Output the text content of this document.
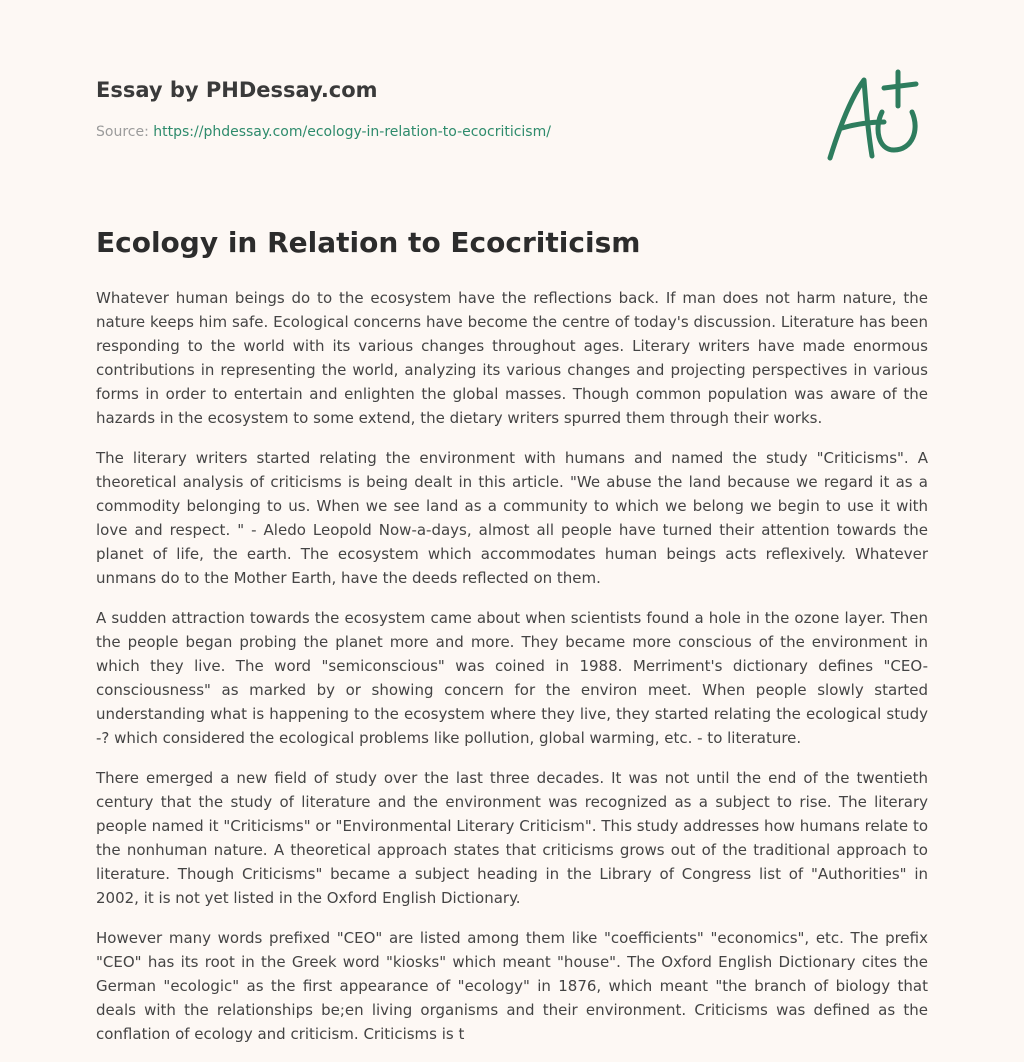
Essay by PHDessay.com

Source: https://phdessay.com/ecology-in-relation-to-ecocriticism/
Ecology in Relation to Ecocriticism

Whatever human beings do to the ecosystem have the reflections back. If man does not harm nature, the nature keeps him safe. Ecological concerns have become the centre of today's discussion. Literature has been responding to the world with its various changes throughout ages. Literary writers have made enormous contributions in representing the world, analyzing its various changes and projecting perspectives in various forms in order to entertain and enlighten the global masses. Though common population was aware of the hazards in the ecosystem to some extend, the dietary writers spurred them through their works.

The literary writers started relating the environment with humans and named the study "Criticisms". A theoretical analysis of criticisms is being dealt in this article. "We abuse the land because we regard it as a commodity belonging to us. When we see land as a community to which we belong we begin to use it with love and respect. " - Aledo Leopold Now-a-days, almost all people have turned their attention towards the planet of life, the earth. The ecosystem which accommodates human beings acts reflexively. Whatever unmans do to the Mother Earth, have the deeds reflected on them.

A sudden attraction towards the ecosystem came about when scientists found a hole in the ozone layer. Then the people began probing the planet more and more. They became more conscious of the environment in which they live. The word "semiconscious" was coined in 1988. Merriment's dictionary defines "CEO-consciousness" as marked by or showing concern for the environ meet. When people slowly started understanding what is happening to the ecosystem where they live, they started relating the ecological study -? which considered the ecological problems like pollution, global warming, etc. - to literature.

There emerged a new field of study over the last three decades. It was not until the end of the twentieth century that the study of literature and the environment was recognized as a subject to rise. The literary people named it "Criticisms" or "Environmental Literary Criticism". This study addresses how humans relate to the nonhuman nature. A theoretical approach states that criticisms grows out of the traditional approach to literature. Though Criticisms" became a subject heading in the Library of Congress list of "Authorities" in 2002, it is not yet listed in the Oxford English Dictionary.

However many words prefixed "CEO" are listed among them like "coefficients" "economics", etc. The prefix "CEO" has its root in the Greek word "kiosks" which meant "house". The Oxford English Dictionary cites the German "ecologic" as the first appearance of "ecology" in 1876, which meant "the branch of biology that deals with the relationships be;en living organisms and their environment. Criticisms was defined as the conflation of ecology and criticism. Criticisms is t
